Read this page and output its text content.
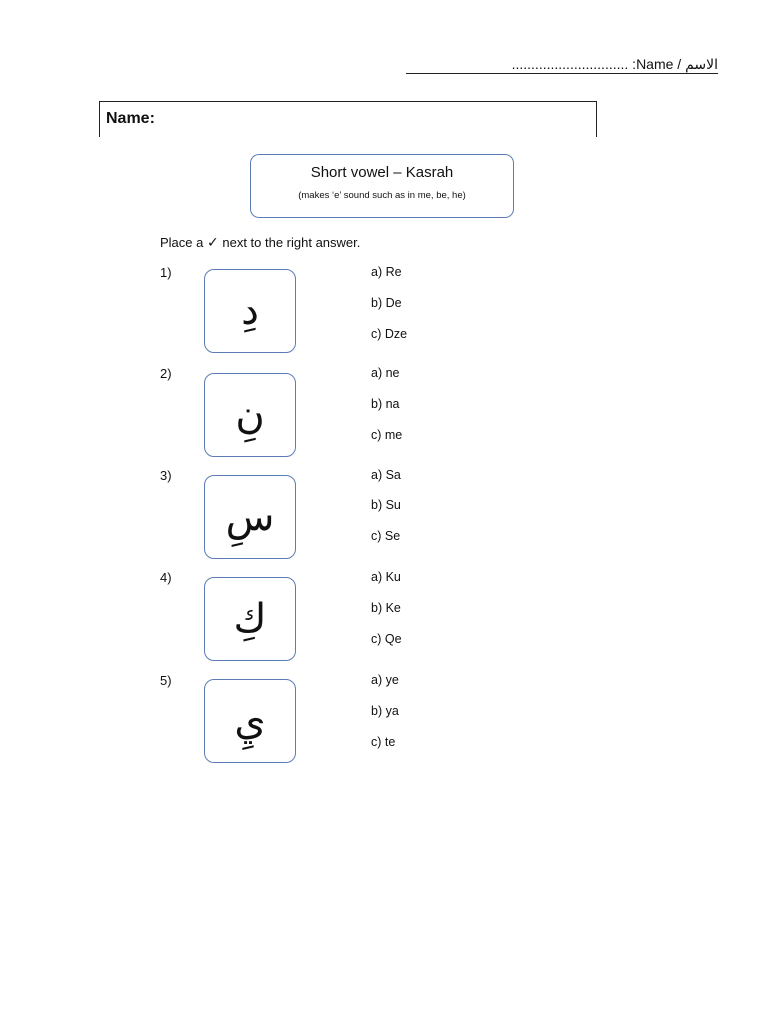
.............................. :Name / الاسم
Name:
Short vowel – Kasrah
(makes ‘e’ sound such as in me, be, he)
Place a ✓ next to the right answer.
1)
دِ
a) Re
b) De
c) Dze
2)
نِ
a) ne
b) na
c) me
3)
سِ
a) Sa
b) Su
c) Se
4)
كِ
a) Ku
b) Ke
c) Qe
5)
يِ
a) ye
b) ya
c) te
